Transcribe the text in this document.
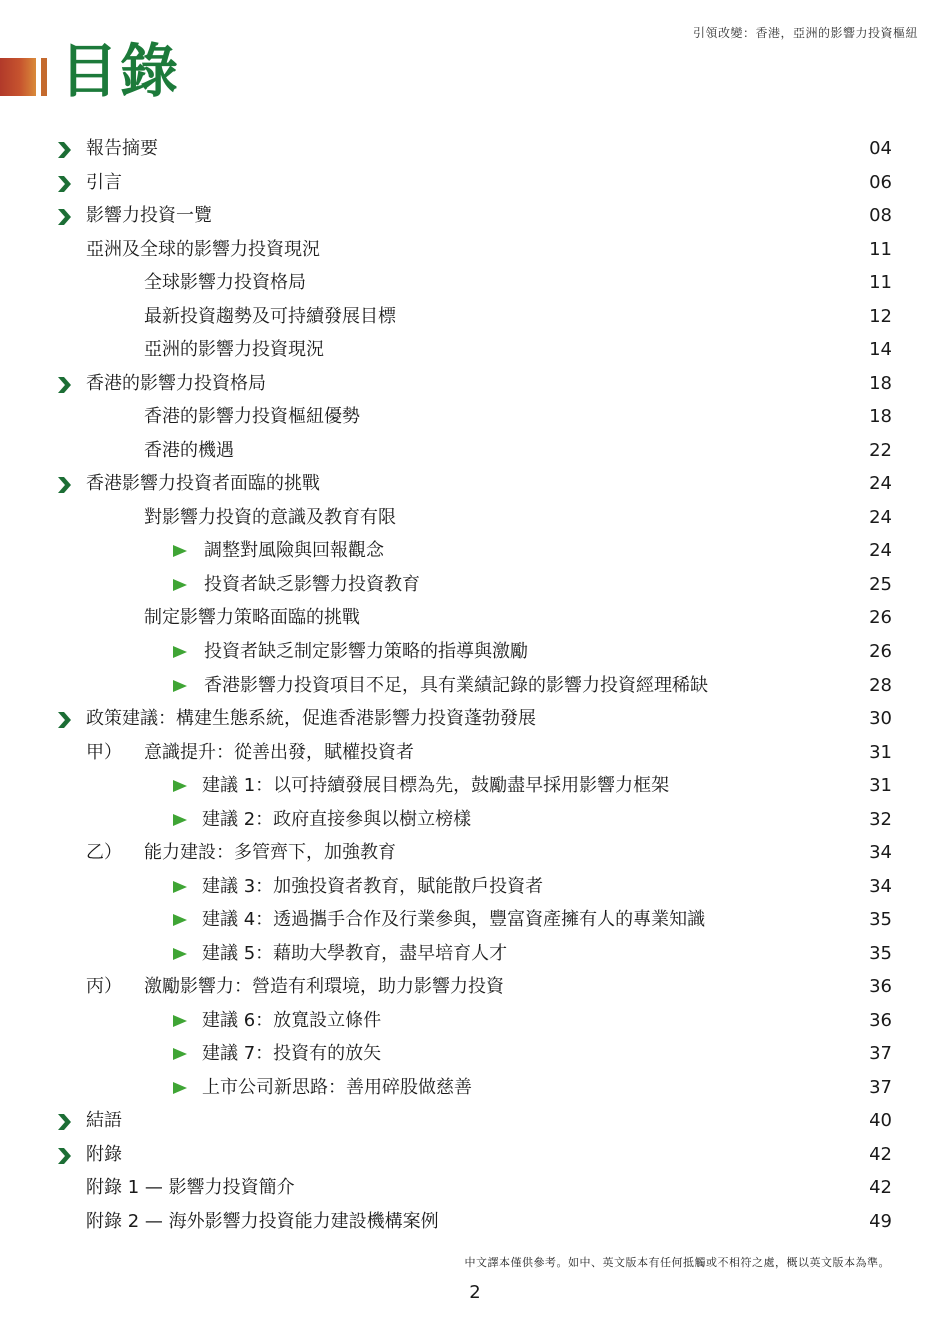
引領改變：香港，亞洲的影響力投資樞紐
目錄
報告摘要	04
引言	06
影響力投資一覽	08
亞洲及全球的影響力投資現況	11
全球影響力投資格局	11
最新投資趨勢及可持續發展目標	12
亞洲的影響力投資現況	14
香港的影響力投資格局	18
香港的影響力投資樞紐優勢	18
香港的機遇	22
香港影響力投資者面臨的挑戰	24
對影響力投資的意識及教育有限	24
調整對風險與回報觀念	24
投資者缺乏影響力投資教育	25
制定影響力策略面臨的挑戰	26
投資者缺乏制定影響力策略的指導與激勵	26
香港影響力投資項目不足，具有業績記錄的影響力投資經理稀缺	28
政策建議：構建生態系統，促進香港影響力投資蓬勃發展	30
甲） 意識提升：從善出發，賦權投資者	31
建議 1：以可持續發展目標為先，鼓勵盡早採用影響力框架	31
建議 2：政府直接參與以樹立榜樣	32
乙） 能力建設：多管齊下，加強教育	34
建議 3：加強投資者教育，賦能散戶投資者	34
建議 4：透過攜手合作及行業參與，豐富資產擁有人的專業知識	35
建議 5：藉助大學教育，盡早培育人才	35
丙） 激勵影響力：營造有利環境，助力影響力投資	36
建議 6：放寬設立條件	36
建議 7：投資有的放矢	37
上市公司新思路：善用碎股做慈善	37
結語	40
附錄	42
附錄 1 — 影響力投資簡介	42
附錄 2 — 海外影響力投資能力建設機構案例	49
中文譯本僅供參考。如中、英文版本有任何抵觸或不相符之處，概以英文版本為準。
2
